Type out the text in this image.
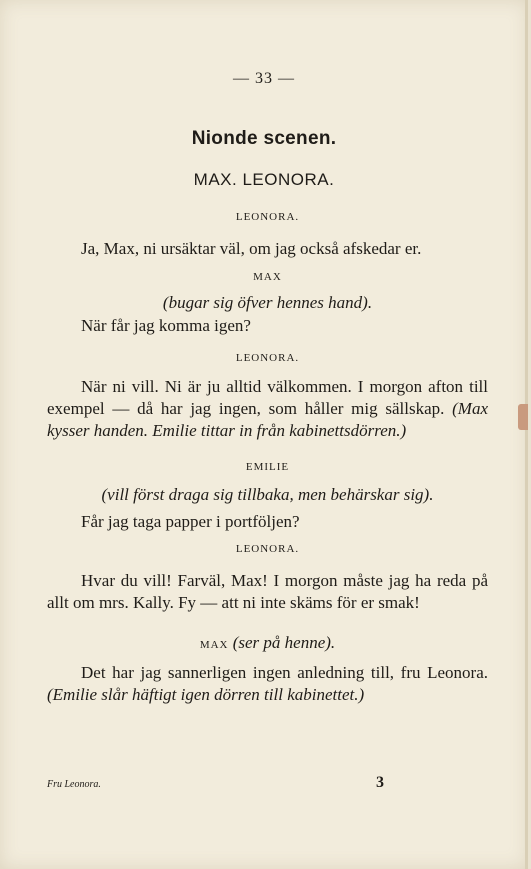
— 33 —
Nionde scenen.
MAX. LEONORA.
LEONORA.
Ja, Max, ni ursäktar väl, om jag också afskedar er.
MAX
(bugar sig öfver hennes hand).
När får jag komma igen?
LEONORA.
När ni vill. Ni är ju alltid välkommen. I morgon afton till exempel — då har jag ingen, som håller mig sällskap. (Max kysser handen. Emilie tittar in från kabinettsdörren.)
EMILIE
(vill först draga sig tillbaka, men behärskar sig).
Får jag taga papper i portföljen?
LEONORA.
Hvar du vill! Farväl, Max! I morgon måste jag ha reda på allt om mrs. Kally. Fy — att ni inte skäms för er smak!
MAX (ser på henne).
Det har jag sannerligen ingen anledning till, fru Leonora. (Emilie slår häftigt igen dörren till kabinettet.)
Fru Leonora.	3
